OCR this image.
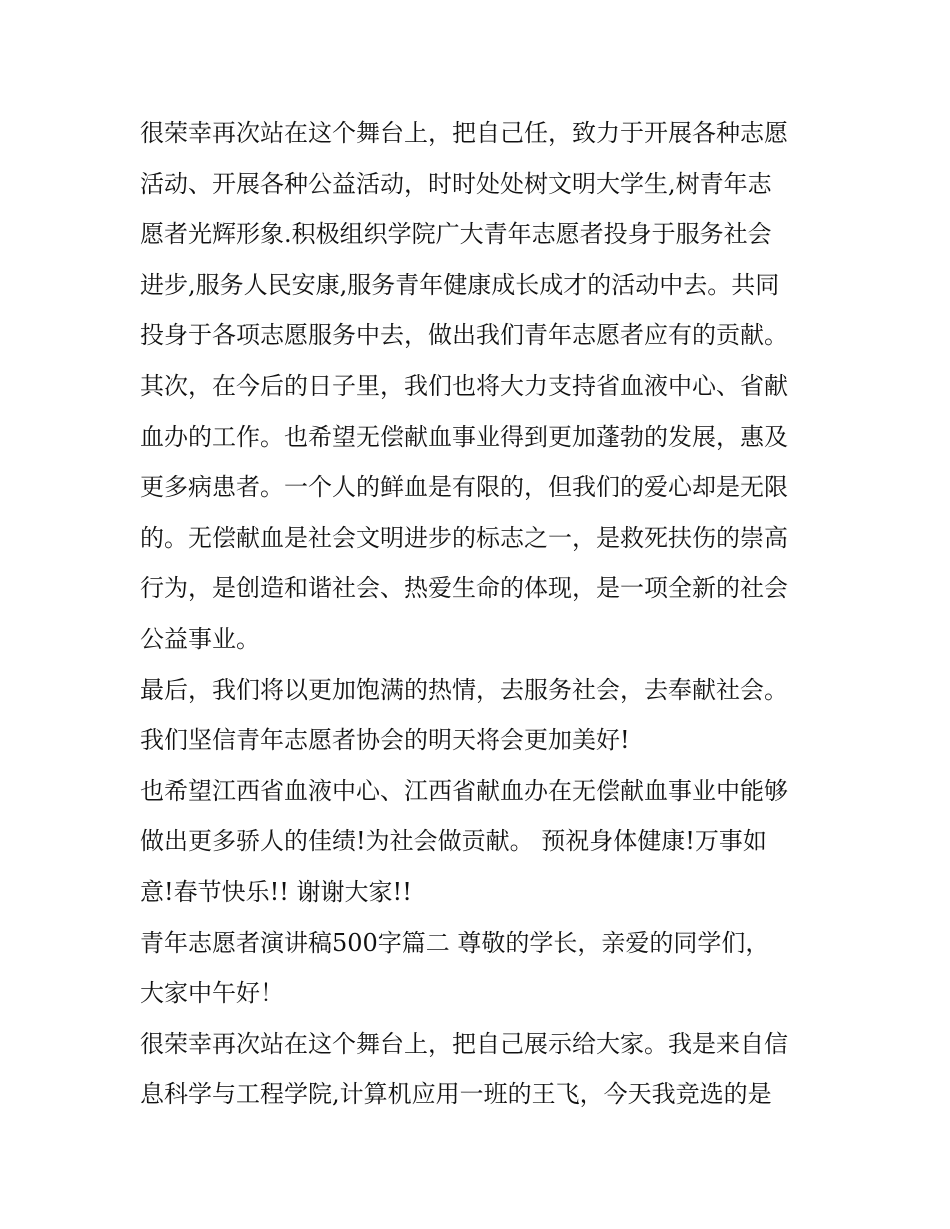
很荣幸再次站在这个舞台上，把自己任，致力于开展各种志愿
活动、开展各种公益活动，时时处处树文明大学生,树青年志
愿者光辉形象.积极组织学院广大青年志愿者投身于服务社会
进步,服务人民安康,服务青年健康成长成才的活动中去。共同
投身于各项志愿服务中去，做出我们青年志愿者应有的贡献。
其次，在今后的日子里，我们也将大力支持省血液中心、省献
血办的工作。也希望无偿献血事业得到更加蓬勃的发展，惠及
更多病患者。一个人的鲜血是有限的，但我们的爱心却是无限
的。无偿献血是社会文明进步的标志之一，是救死扶伤的崇高
行为，是创造和谐社会、热爱生命的体现，是一项全新的社会
公益事业。
最后，我们将以更加饱满的热情，去服务社会，去奉献社会。
我们坚信青年志愿者协会的明天将会更加美好!
也希望江西省血液中心、江西省献血办在无偿献血事业中能够
做出更多骄人的佳绩!为社会做贡献。 预祝身体健康!万事如
意!春节快乐!! 谢谢大家!!
青年志愿者演讲稿500字篇二 尊敬的学长，亲爱的同学们，
大家中午好！
很荣幸再次站在这个舞台上，把自己展示给大家。我是来自信
息科学与工程学院,计算机应用一班的王飞，今天我竞选的是
